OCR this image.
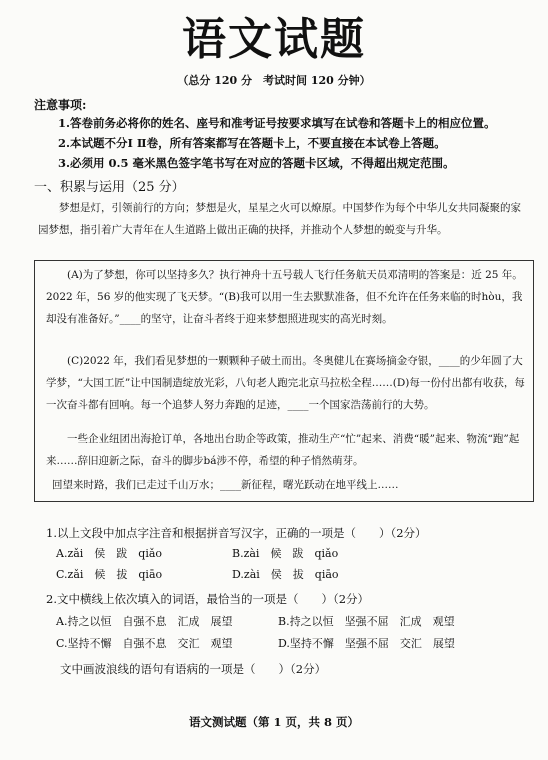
语文试题
（总分 120 分　考试时间 120 分钟）
注意事项:
1.答卷前务必将你的姓名、座号和准考证号按要求填写在试卷和答题卡上的相应位置。
2.本试题不分Ⅰ Ⅱ卷，所有答案都写在答题卡上，不要直接在本试卷上答题。
3.必须用 0.5 毫米黑色签字笔书写在对应的答题卡区域，不得超出规定范围。
一、积累与运用（25 分）
梦想是灯，引领前行的方向；梦想是火，星星之火可以燎原。中国梦作为每个中华儿女共同凝聚的家园梦想，指引着广大青年在人生道路上做出正确的抉择，并推动个人梦想的蜕变与升华。
(A)为了梦想，你可以坚持多久？执行神舟十五号载人飞行任务航天员邓清明的答案是：近 25 年。2022 年，56 岁的他实现了飞天梦。“(B)我可以用一生去默默准备，但不允许在任务来临的时hòu，我却没有准备好。”____的坚守，让奋斗者终于迎来梦想照进现实的高光时刻。
(C)2022 年，我们看见梦想的一颗颗种子破土而出。冬奥健儿在赛场摘金夺银，____的少年圆了大学梦，“大国工匠”让中国制造绽放光彩，八旬老人跑完北京马拉松全程……(D)每一份付出都有收获，每一次奋斗都有回响。每一个追梦人努力奔跑的足迹，____一个国家浩荡前行的大势。
一些企业纽团出海抢订单，各地出台助企等政策，推动生产“忙”起来、消费“暖”起来、物流“跑”起来……辞旧迎新之际，奋斗的脚步bá涉不停，希望的种子悄然萌芽。
回望来时路，我们已走过千山万水；____新征程，曙光跃动在地平线上……
1.以上文段中加点字注音和根据拼音写汉字，正确的一项是（　　）（2分）
A.zǎi　侯　跋　qiǎo	B.zài　候　跋　qiǎo
C.zǎi　候　拔　qiāo	D.zài　侯　拔　qiāo
2.文中横线上依次填入的词语，最恰当的一项是（　　）（2分）
A.持之以恒　自强不息　汇成　展望	B.持之以恒　坚强不屈　汇成　观望
C.坚持不懈　自强不息　交汇　观望	D.坚持不懈　坚强不屈　交汇　展望
文中画波浪线的语句有语病的一项是（　　）（2分）
语文测试题（第 1 页，共 8 页）
